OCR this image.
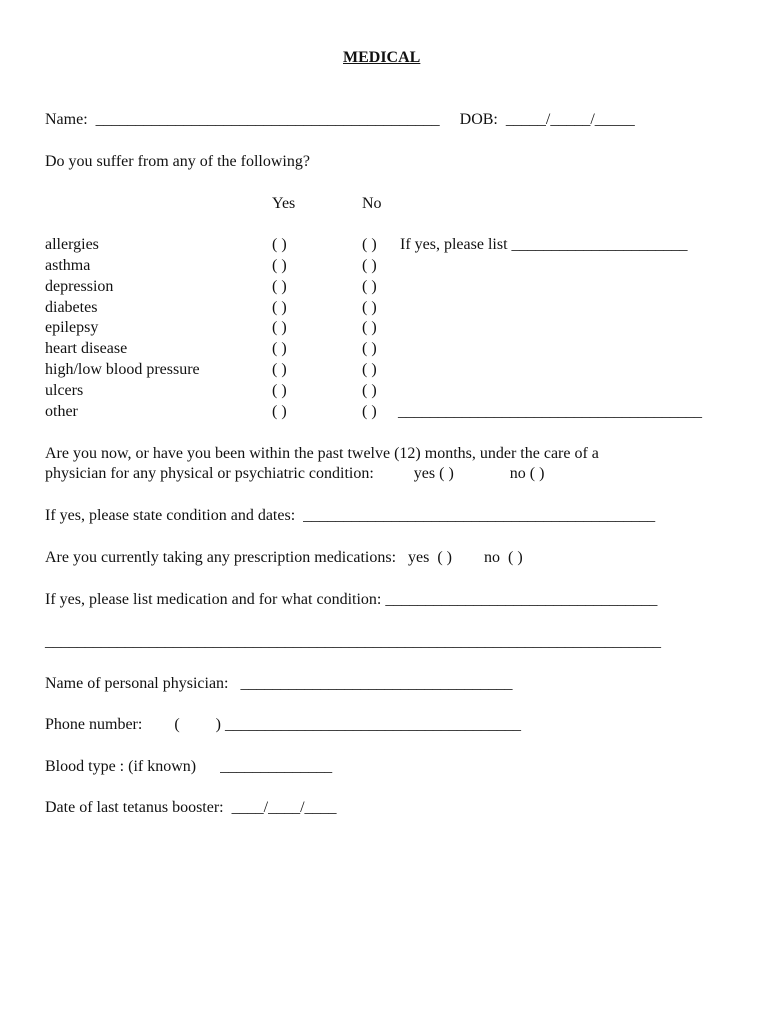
MEDICAL
Name:  ___________________________________________     DOB:  _____/_____/_____
Do you suffer from any of the following?
Yes	No
allergies	( )	( ) If yes, please list ______________________
asthma	( )	( )
depression	( )	( )
diabetes	( )	( )
epilepsy	( )	( )
heart disease	( )	( )
high/low blood pressure	( )	( )
ulcers	( )	( )
other	( )	( ) ______________________________________
Are you now, or have you been within the past twelve (12) months, under the care of a
physician for any physical or psychiatric condition:          yes ( )              no ( )
If yes, please state condition and dates:  ____________________________________________
Are you currently taking any prescription medications:   yes  ( )        no  ( )
If yes, please list medication and for what condition: __________________________________
_____________________________________________________________________________
Name of personal physician:   __________________________________
Phone number:        (         ) _____________________________________
Blood type : (if known)      ______________
Date of last tetanus booster:  ____/____/____
